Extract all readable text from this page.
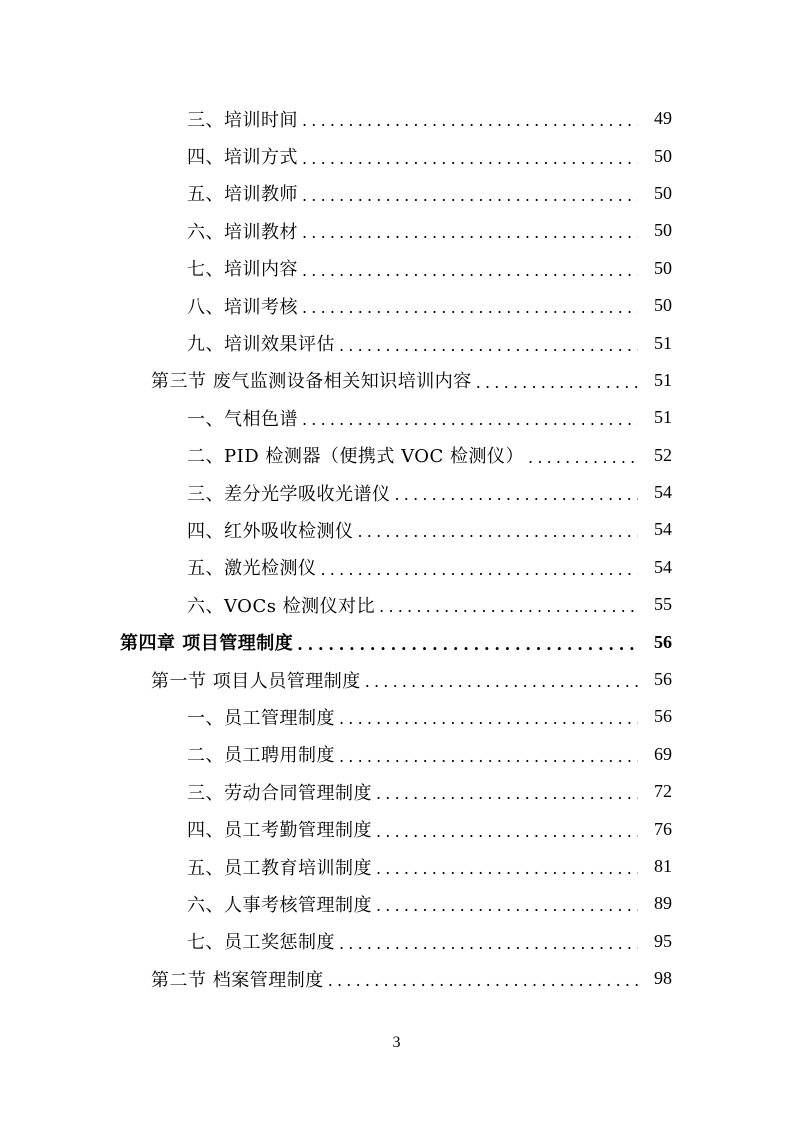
三、培训时间 .....	49
四、培训方式 .....	50
五、培训教师 .....	50
六、培训教材 .....	50
七、培训内容 .....	50
八、培训考核 .....	50
九、培训效果评估 .....	51
第三节 废气监测设备相关知识培训内容 .....	51
一、气相色谱 .....	51
二、PID 检测器（便携式 VOC 检测仪） .....	52
三、差分光学吸收光谱仪 .....	54
四、红外吸收检测仪 .....	54
五、激光检测仪 .....	54
六、VOCs 检测仪对比 .....	55
第四章 项目管理制度 .....	56
第一节 项目人员管理制度 .....	56
一、员工管理制度 .....	56
二、员工聘用制度 .....	69
三、劳动合同管理制度 .....	72
四、员工考勤管理制度 .....	76
五、员工教育培训制度 .....	81
六、人事考核管理制度 .....	89
七、员工奖惩制度 .....	95
第二节 档案管理制度 .....	98
3
